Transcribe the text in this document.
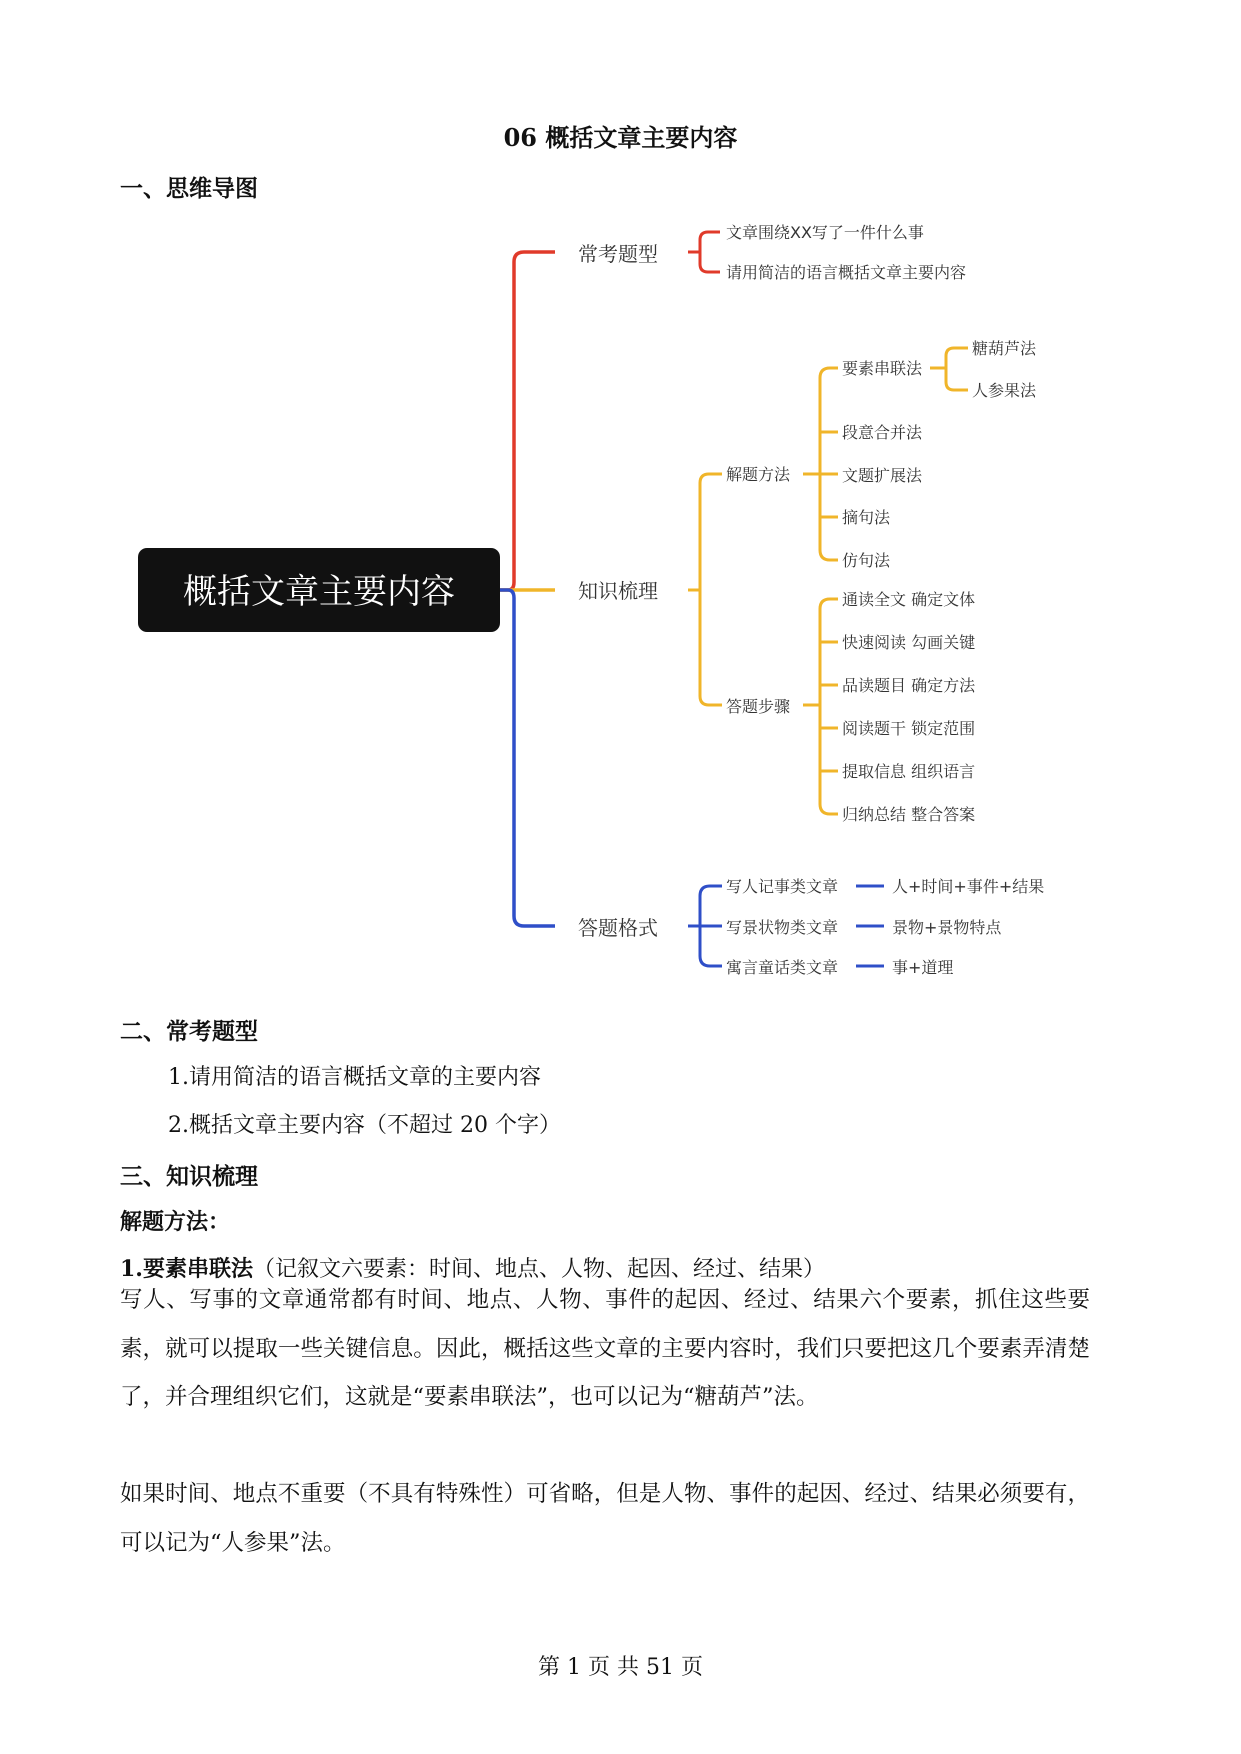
06 概括文章主要内容
一、思维导图
概括文章主要内容
常考题型
知识梳理
答题格式
文章围绕XX写了一件什么事
请用简洁的语言概括文章主要内容
解题方法
答题步骤
要素串联法
段意合并法
文题扩展法
摘句法
仿句法
糖葫芦法
人参果法
通读全文 确定文体
快速阅读 勾画关键
品读题目 确定方法
阅读题干 锁定范围
提取信息 组织语言
归纳总结 整合答案
写人记事类文章
写景状物类文章
寓言童话类文章
人+时间+事件+结果
景物+景物特点
事+道理
二、常考题型
1.请用简洁的语言概括文章的主要内容
2.概括文章主要内容（不超过 20 个字）
三、知识梳理
解题方法：
1.要素串联法（记叙文六要素：时间、地点、人物、起因、经过、结果）
写人、写事的文章通常都有时间、地点、人物、事件的起因、经过、结果六个要素，抓住这些要素，就可以提取一些关键信息。因此，概括这些文章的主要内容时，我们只要把这几个要素弄清楚了，并合理组织它们，这就是“要素串联法”，也可以记为“糖葫芦”法。
如果时间、地点不重要（不具有特殊性）可省略，但是人物、事件的起因、经过、结果必须要有，可以记为“人参果”法。
第 1 页 共 51 页
